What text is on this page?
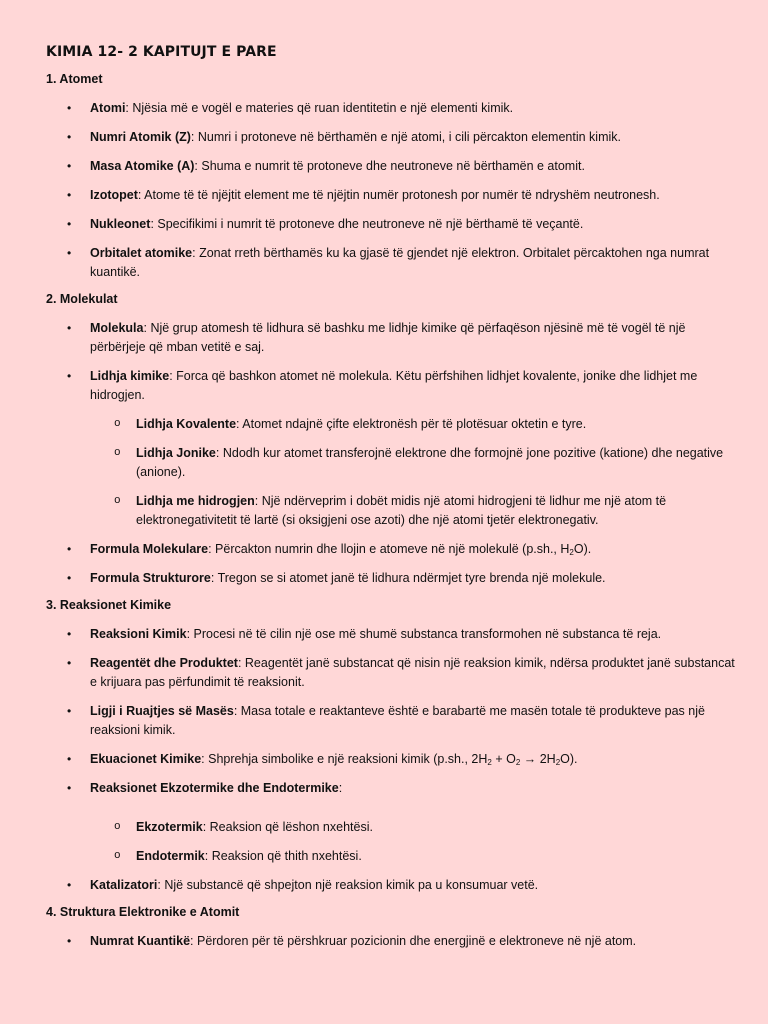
KIMIA 12- 2 KAPITUJT E PARE
1. Atomet
• Atomi: Njësia më e vogël e materies që ruan identitetin e një elementi kimik.
• Numri Atomik (Z): Numri i protoneve në bërthamën e një atomi, i cili përcakton elementin kimik.
• Masa Atomike (A): Shuma e numrit të protoneve dhe neutroneve në bërthamën e atomit.
• Izotopet: Atome të të njëjtit element me të njëjtin numër protonesh por numër të ndryshëm neutronesh.
• Nukleonet: Specifikimi i numrit të protoneve dhe neutroneve në një bërthamë të veçantë.
• Orbitalet atomike: Zonat rreth bërthamës ku ka gjasë të gjendet një elektron. Orbitalet përcaktohen nga numrat kuantikë.
2. Molekulat
• Molekula: Një grup atomesh të lidhura së bashku me lidhje kimike që përfaqëson njësinë më të vogël të një përbërjeje që mban vetitë e saj.
• Lidhja kimike: Forca që bashkon atomet në molekula. Këtu përfshihen lidhjet kovalente, jonike dhe lidhjet me hidrogjen.
o Lidhja Kovalente: Atomet ndajnë çifte elektronësh për të plotësuar oktetin e tyre.
o Lidhja Jonike: Ndodh kur atomet transferojnë elektrone dhe formojnë jone pozitive (katione) dhe negative (anione).
o Lidhja me hidrogjen: Një ndërveprim i dobët midis një atomi hidrogjeni të lidhur me një atom të elektronegativitetit të lartë (si oksigjeni ose azoti) dhe një atomi tjetër elektronegativ.
• Formula Molekulare: Përcakton numrin dhe llojin e atomeve në një molekulë (p.sh., $H_2O$).
• Formula Strukturore: Tregon se si atomet janë të lidhura ndërmjet tyre brenda një molekule.
3. Reaksionet Kimike
• Reaksioni Kimik: Procesi në të cilin një ose më shumë substanca transformohen në substanca të reja.
• Reagentët dhe Produktet: Reagentët janë substancat që nisin një reaksion kimik, ndërsa produktet janë substancat e krijuara pas përfundimit të reaksionit.
• Ligji i Ruajtjes së Masës: Masa totale e reaktanteve është e barabartë me masën totale të produkteve pas një reaksioni kimik.
• Ekuacionet Kimike: Shprehja simbolike e një reaksioni kimik (p.sh., $2H_2 + O_2 \to 2H_2O$).
• Reaksionet Ekzotermike dhe Endotermike:
o Ekzotermik: Reaksion që lëshon nxehtësi.
o Endotermik: Reaksion që thith nxehtësi.
• Katalizatori: Një substancë që shpejton një reaksion kimik pa u konsumuar vetë.
4. Struktura Elektronike e Atomit
• Numrat Kuantikë: Përdoren për të përshkruar pozicionin dhe energjinë e elektroneve në një atom.
